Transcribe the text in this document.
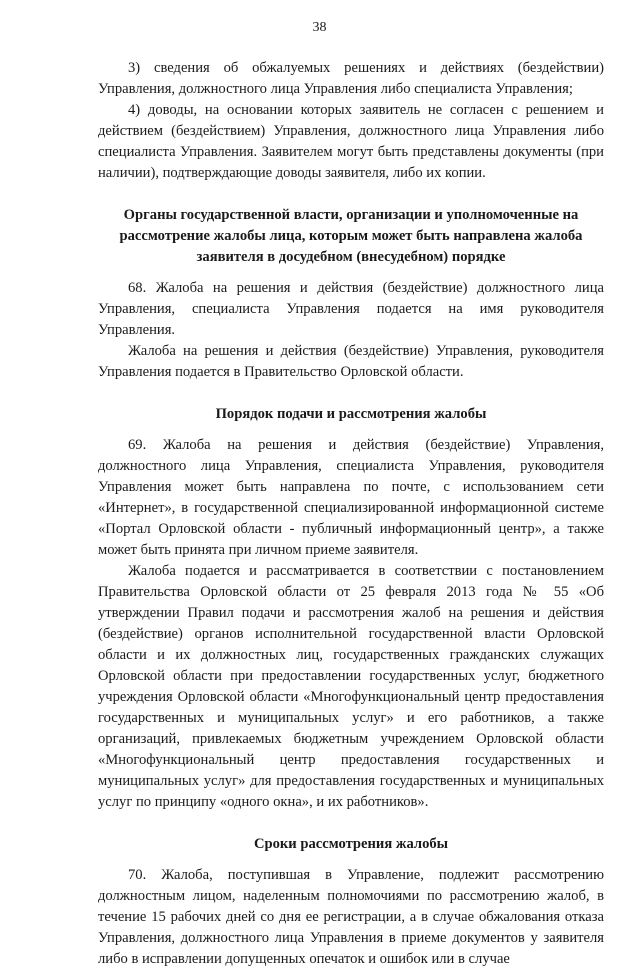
38

3) сведения об обжалуемых решениях и действиях (бездействии) Управления, должностного лица Управления либо специалиста Управления;

4) доводы, на основании которых заявитель не согласен с решением и действием (бездействием) Управления, должностного лица Управления либо специалиста Управления. Заявителем могут быть представлены документы (при наличии), подтверждающие доводы заявителя, либо их копии.

Органы государственной власти, организации и уполномоченные на рассмотрение жалобы лица, которым может быть направлена жалоба заявителя в досудебном (внесудебном) порядке

68. Жалоба на решения и действия (бездействие) должностного лица Управления, специалиста Управления подается на имя руководителя Управления.

Жалоба на решения и действия (бездействие) Управления, руководителя Управления подается в Правительство Орловской области.

Порядок подачи и рассмотрения жалобы

69. Жалоба на решения и действия (бездействие) Управления, должностного лица Управления, специалиста Управления, руководителя Управления может быть направлена по почте, с использованием сети «Интернет», в государственной специализированной информационной системе «Портал Орловской области - публичный информационный центр», а также может быть принята при личном приеме заявителя.

Жалоба подается и рассматривается в соответствии с постановлением Правительства Орловской области от 25 февраля 2013 года № 55 «Об утверждении Правил подачи и рассмотрения жалоб на решения и действия (бездействие) органов исполнительной государственной власти Орловской области и их должностных лиц, государственных гражданских служащих Орловской области при предоставлении государственных услуг, бюджетного учреждения Орловской области «Многофункциональный центр предоставления государственных и муниципальных услуг» и его работников, а также организаций, привлекаемых бюджетным учреждением Орловской области «Многофункциональный центр предоставления государственных и муниципальных услуг» для предоставления государственных и муниципальных услуг по принципу «одного окна», и их работников».

Сроки рассмотрения жалобы

70. Жалоба, поступившая в Управление, подлежит рассмотрению должностным лицом, наделенным полномочиями по рассмотрению жалоб, в течение 15 рабочих дней со дня ее регистрации, а в случае обжалования отказа Управления, должностного лица Управления в приеме документов у заявителя либо в исправлении допущенных опечаток и ошибок или в случае
